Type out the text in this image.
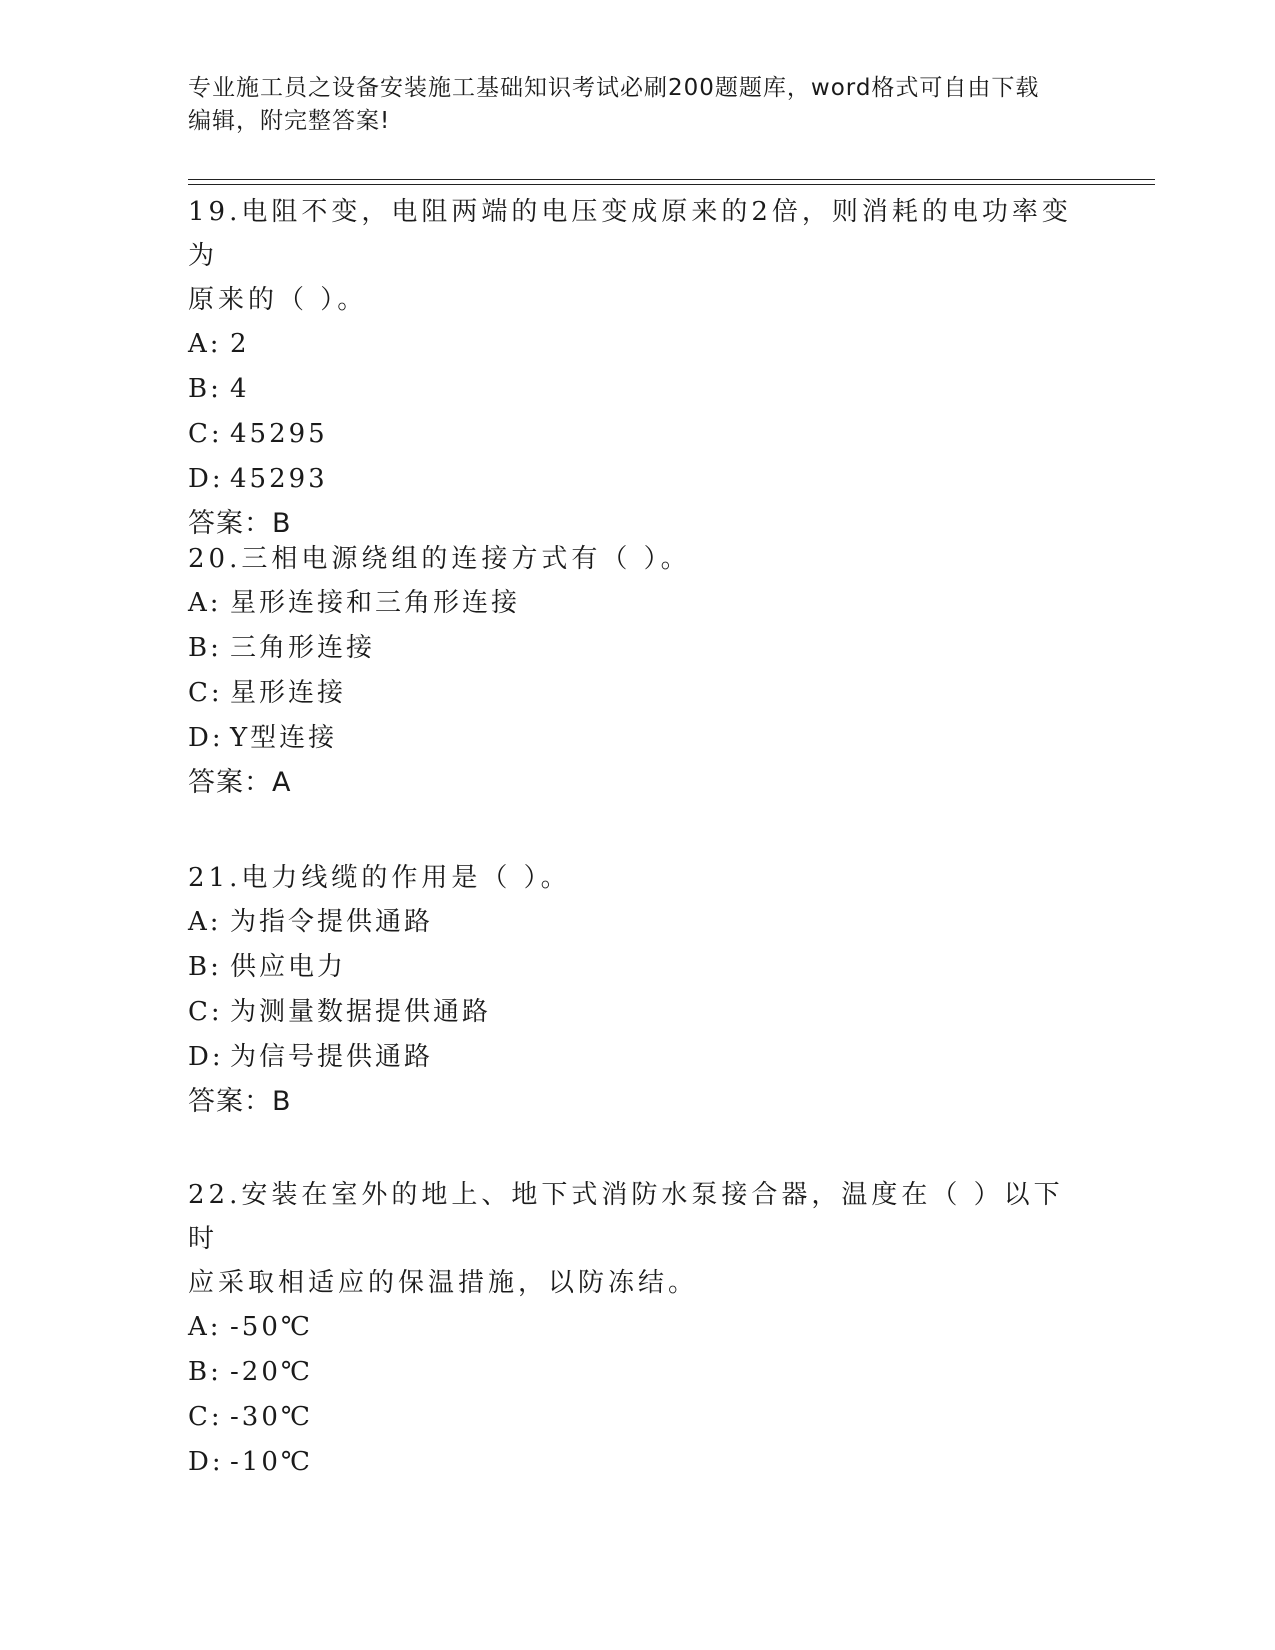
专业施工员之设备安装施工基础知识考试必刷200题题库，word格式可自由下载
编辑，附完整答案!

19.电阻不变，电阻两端的电压变成原来的2倍，则消耗的电功率变为
原来的（ ）。

A: 2

B: 4

C: 45295

D: 45293

答案：B

20.三相电源绕组的连接方式有（ ）。

A: 星形连接和三角形连接

B: 三角形连接

C: 星形连接

D: Y型连接

答案：A

21.电力线缆的作用是（ ）。

A: 为指令提供通路

B: 供应电力

C: 为测量数据提供通路

D: 为信号提供通路

答案：B

22.安装在室外的地上、地下式消防水泵接合器，温度在（ ）以下时
应采取相适应的保温措施，以防冻结。

A: -50℃

B: -20℃

C: -30℃

D: -10℃
